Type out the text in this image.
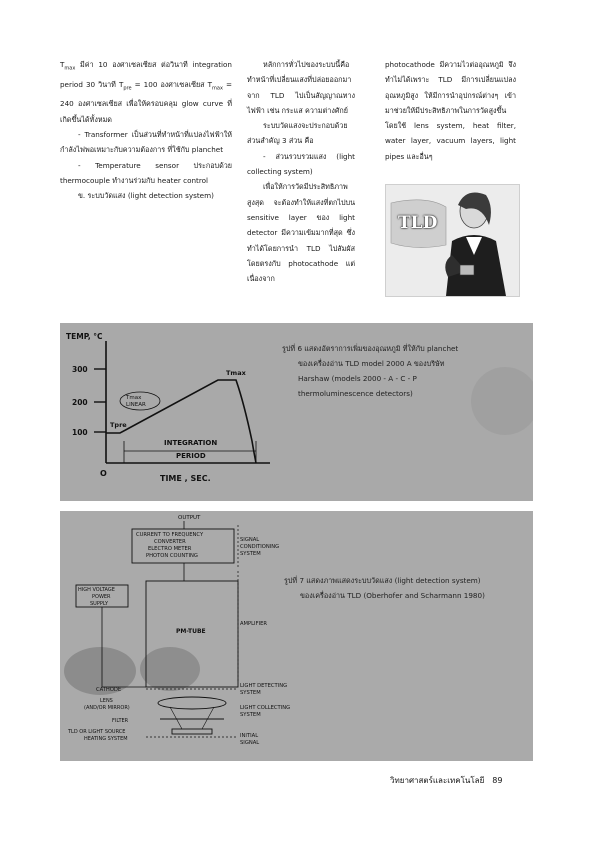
$T_{max}$ มีค่า 10 องศาเซลเซียส ต่อวินาที integration period 30 วินาที $T_{pre} = 100$ องศาเซลเซียส $T_{max} = 240$ องศาเซลเซียส เพื่อให้ครอบคลุม glow curve ที่เกิดขึ้นได้ทั้งหมด

- Transformer เป็นส่วนที่ทำหน้าที่แปลงไฟฟ้าให้กำลังไฟพอเหมาะกับความต้องการ ที่ใช้กับ planchet

- Temperature sensor ประกอบด้วย thermocouple ทำงานร่วมกับ heater control

ข. ระบบวัดแสง (light detection system)

หลักการทั่วไปของระบบนี้คือ ทำหน้าที่เปลี่ยนแสงที่ปล่อยออกมาจาก TLD ไปเป็นสัญญาณทางไฟฟ้า เช่น กระแส ความต่างศักย์

ระบบวัดแสงจะประกอบด้วยส่วนสำคัญ 3 ส่วน คือ

- ส่วนรวบรวมแสง (light collecting system)

เพื่อให้การวัดมีประสิทธิภาพสูงสุด จะต้องทำให้แสงที่ตกไปบน sensitive layer ของ light detector มีความเข้มมากที่สุด ซึ่งทำได้โดยการนำ TLD ไปสัมผัสโดยตรงกับ photocathode แต่เนื่องจาก

photocathode มีความไวต่ออุณหภูมิ จึงทำไม่ได้เพราะ TLD มีการเปลี่ยนแปลงอุณหภูมิสูง ให้มีการนำอุปกรณ์ต่างๆ เข้ามาช่วยให้มีประสิทธิภาพในการวัดสูงขึ้น โดยใช้ lens system, heat filter, water layer, vacuum layers, light pipes และอื่นๆ

TLD
TEMP, °C
300
200
100
O
TIME , SEC.
Tmax
Tpre
Tmax
LINEAR
INTEGRATION
PERIOD
รูปที่ 6 แสดงอัตราการเพิ่มของอุณหภูมิ ที่ให้กับ planchet
ของเครื่องอ่าน TLD model 2000 A ของบริษัท
Harshaw (models 2000 - A - C - P
thermoluminescence detectors)
OUTPUT
CURRENT TO FREQUENCY
CONVERTER
ELECTRO METER
PHOTON COUNTING
SIGNAL
CONDITIONING
SYSTEM
HIGH VOLTAGE
POWER
SUPPLY
PM-TUBE
AMPLIFIER
CATHODE
LIGHT DETECTING
SYSTEM
LENS
(AND/OR MIRROR)	LIGHT COLLECTING
SYSTEM
FILTER
TLD OR LIGHT SOURCE
HEATING SYSTEM	INITIAL
SIGNAL
รูปที่ 7 แสดงภาพแสดงระบบวัดแสง (light detection system)
ของเครื่องอ่าน TLD (Oberhofer and Scharmann 1980)
วิทยาศาสตร์และเทคโนโลยี 89
